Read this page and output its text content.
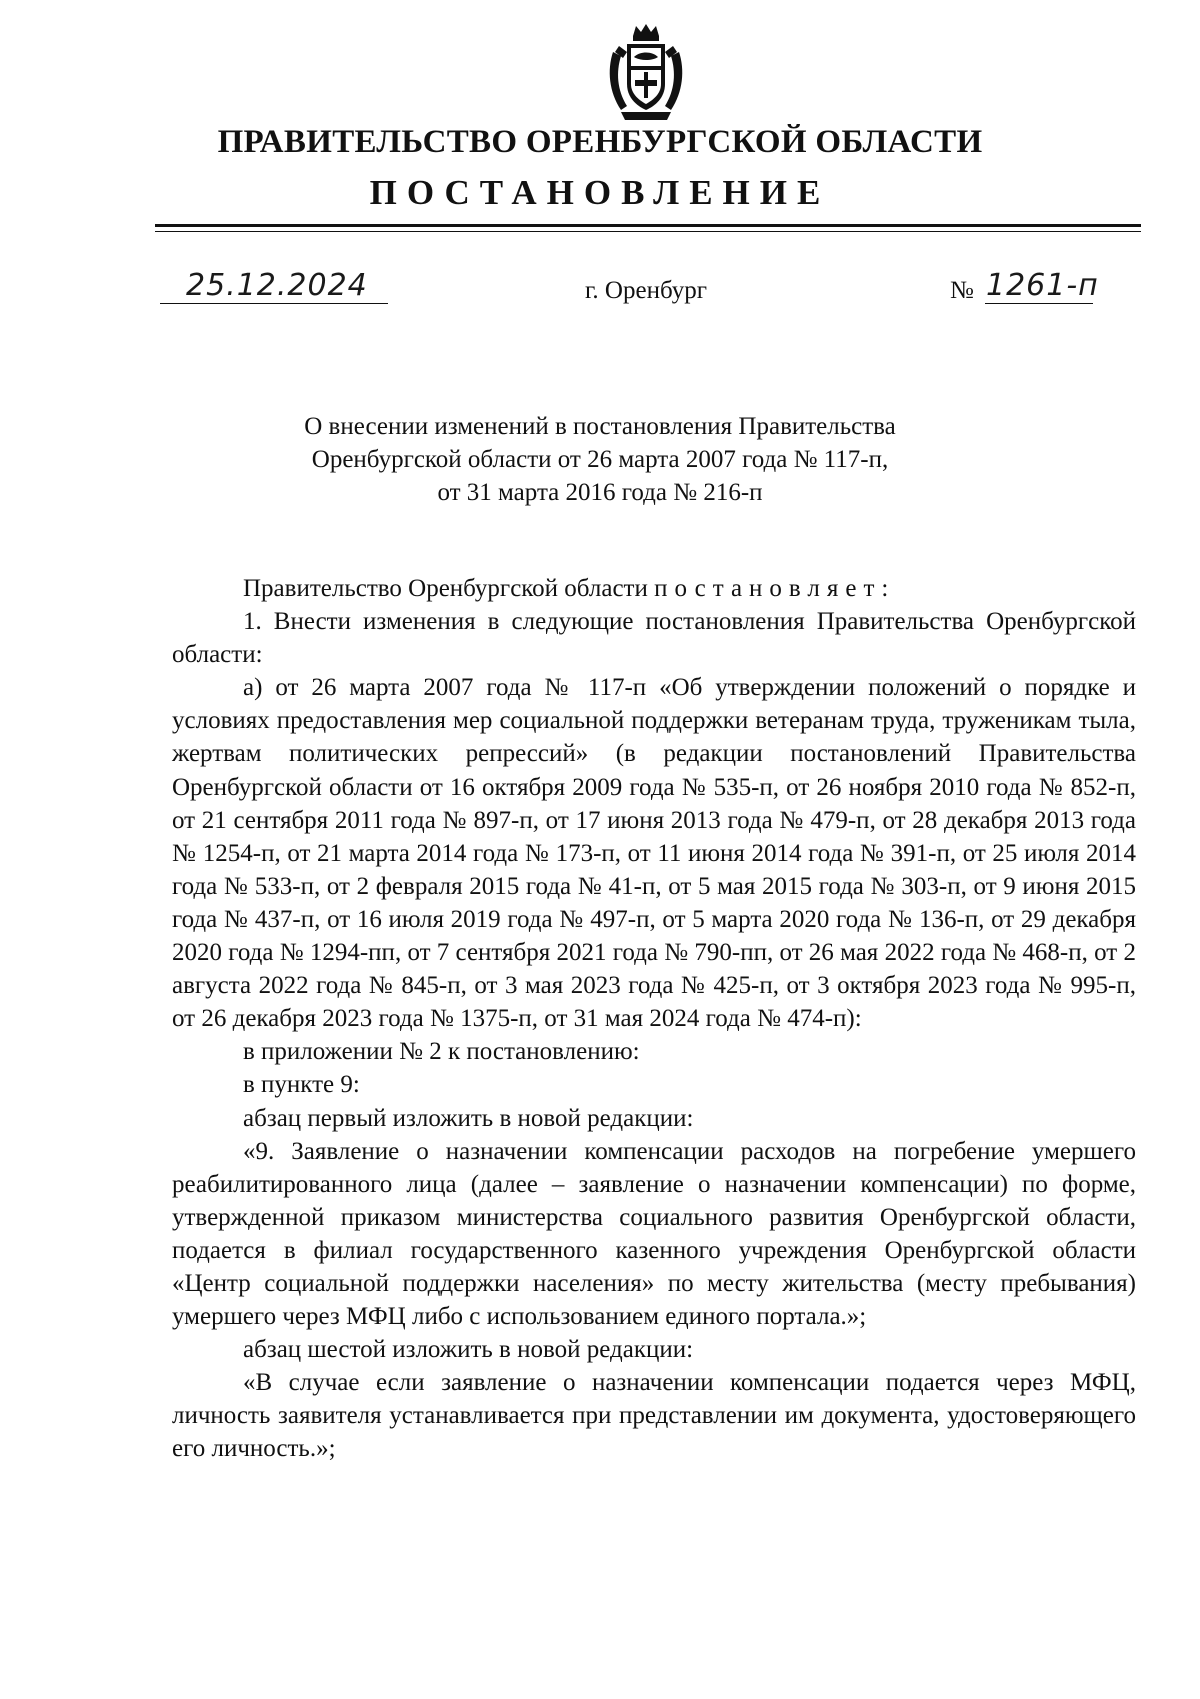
ПРАВИТЕЛЬСТВО ОРЕНБУРГСКОЙ ОБЛАСТИ
ПОСТАНОВЛЕНИЕ
25.12.2024	г. Оренбург	№ 1261-п
О внесении изменений в постановления Правительства
Оренбургской области от 26 марта 2007 года № 117-п,
от 31 марта 2016 года № 216-п

Правительство Оренбургской области постановляет:

1. Внести изменения в следующие постановления Правительства Оренбургской области:

а) от 26 марта 2007 года № 117-п «Об утверждении положений о порядке и условиях предоставления мер социальной поддержки ветеранам труда, труженикам тыла, жертвам политических репрессий» (в редакции постановлений Правительства Оренбургской области от 16 октября 2009 года № 535-п, от 26 ноября 2010 года № 852-п, от 21 сентября 2011 года № 897-п, от 17 июня 2013 года № 479-п, от 28 декабря 2013 года № 1254-п, от 21 марта 2014 года № 173-п, от 11 июня 2014 года № 391-п, от 25 июля 2014 года № 533-п, от 2 февраля 2015 года № 41-п, от 5 мая 2015 года № 303-п, от 9 июня 2015 года № 437-п, от 16 июля 2019 года № 497-п, от 5 марта 2020 года № 136-п, от 29 декабря 2020 года № 1294-пп, от 7 сентября 2021 года № 790-пп, от 26 мая 2022 года № 468-п, от 2 августа 2022 года № 845-п, от 3 мая 2023 года № 425-п, от 3 октября 2023 года № 995-п, от 26 декабря 2023 года № 1375-п, от 31 мая 2024 года № 474-п):

в приложении № 2 к постановлению:

в пункте 9:

абзац первый изложить в новой редакции:

«9. Заявление о назначении компенсации расходов на погребение умершего реабилитированного лица (далее – заявление о назначении компенсации) по форме, утвержденной приказом министерства социального развития Оренбургской области, подается в филиал государственного казенного учреждения Оренбургской области «Центр социальной поддержки населения» по месту жительства (месту пребывания) умершего через МФЦ либо с использованием единого портала.»;

абзац шестой изложить в новой редакции:

«В случае если заявление о назначении компенсации подается через МФЦ, личность заявителя устанавливается при представлении им документа, удостоверяющего его личность.»;
